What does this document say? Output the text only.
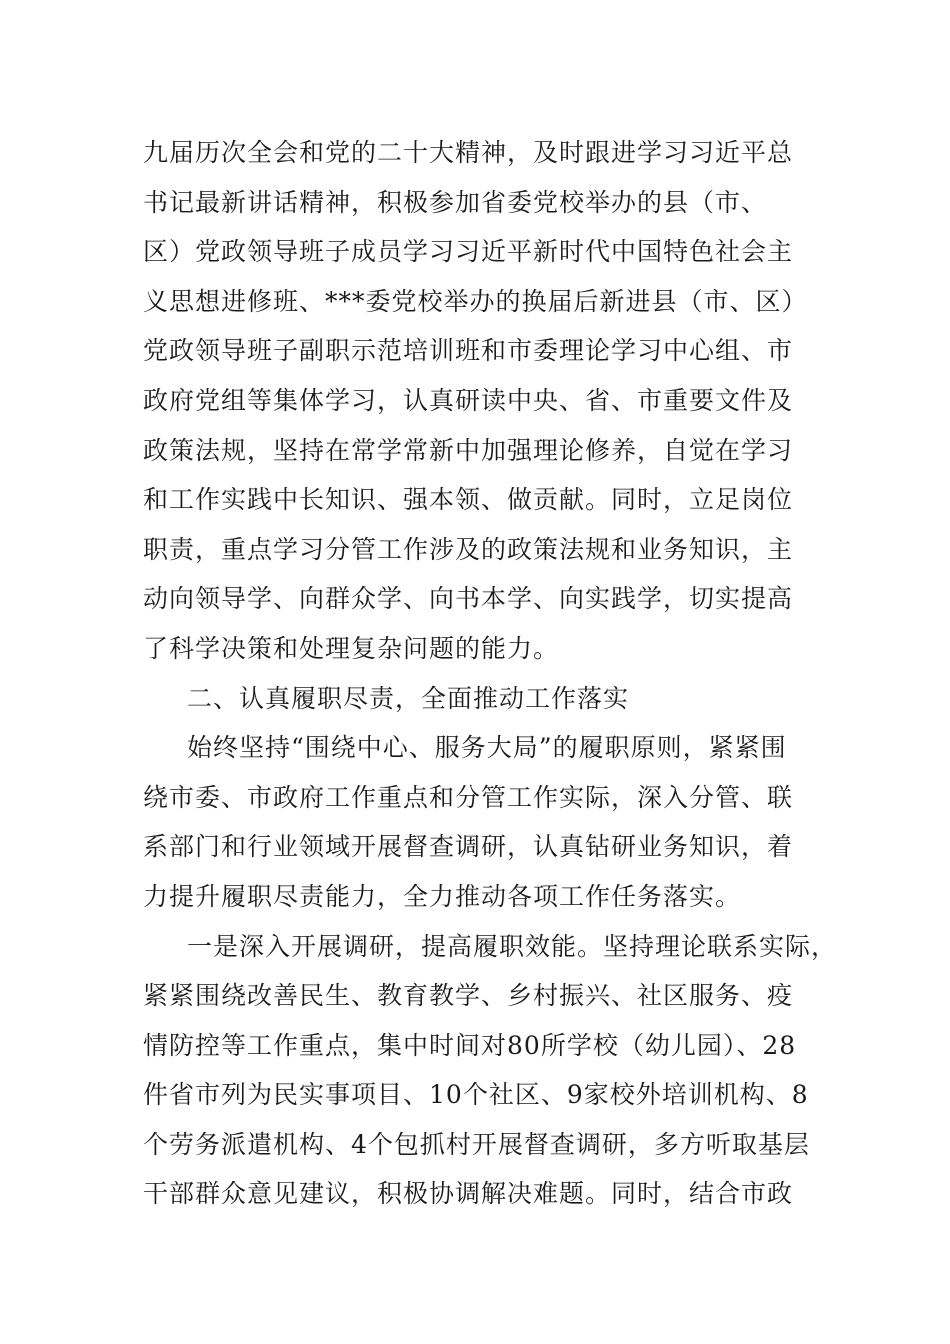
九届历次全会和党的二十大精神，及时跟进学习习近平总
书记最新讲话精神，积极参加省委党校举办的县（市、
区）党政领导班子成员学习习近平新时代中国特色社会主
义思想进修班、***委党校举办的换届后新进县（市、区）
党政领导班子副职示范培训班和市委理论学习中心组、市
政府党组等集体学习，认真研读中央、省、市重要文件及
政策法规，坚持在常学常新中加强理论修养，自觉在学习
和工作实践中长知识、强本领、做贡献。同时，立足岗位
职责，重点学习分管工作涉及的政策法规和业务知识，主
动向领导学、向群众学、向书本学、向实践学，切实提高
了科学决策和处理复杂问题的能力。
二、认真履职尽责，全面推动工作落实
始终坚持“围绕中心、服务大局”的履职原则，紧紧围
绕市委、市政府工作重点和分管工作实际，深入分管、联
系部门和行业领域开展督查调研，认真钻研业务知识，着
力提升履职尽责能力，全力推动各项工作任务落实。
一是深入开展调研，提高履职效能。坚持理论联系实际，
紧紧围绕改善民生、教育教学、乡村振兴、社区服务、疫
情防控等工作重点，集中时间对80所学校（幼儿园）、28
件省市列为民实事项目、10个社区、9家校外培训机构、8
个劳务派遣机构、4个包抓村开展督查调研，多方听取基层
干部群众意见建议，积极协调解决难题。同时，结合市政
